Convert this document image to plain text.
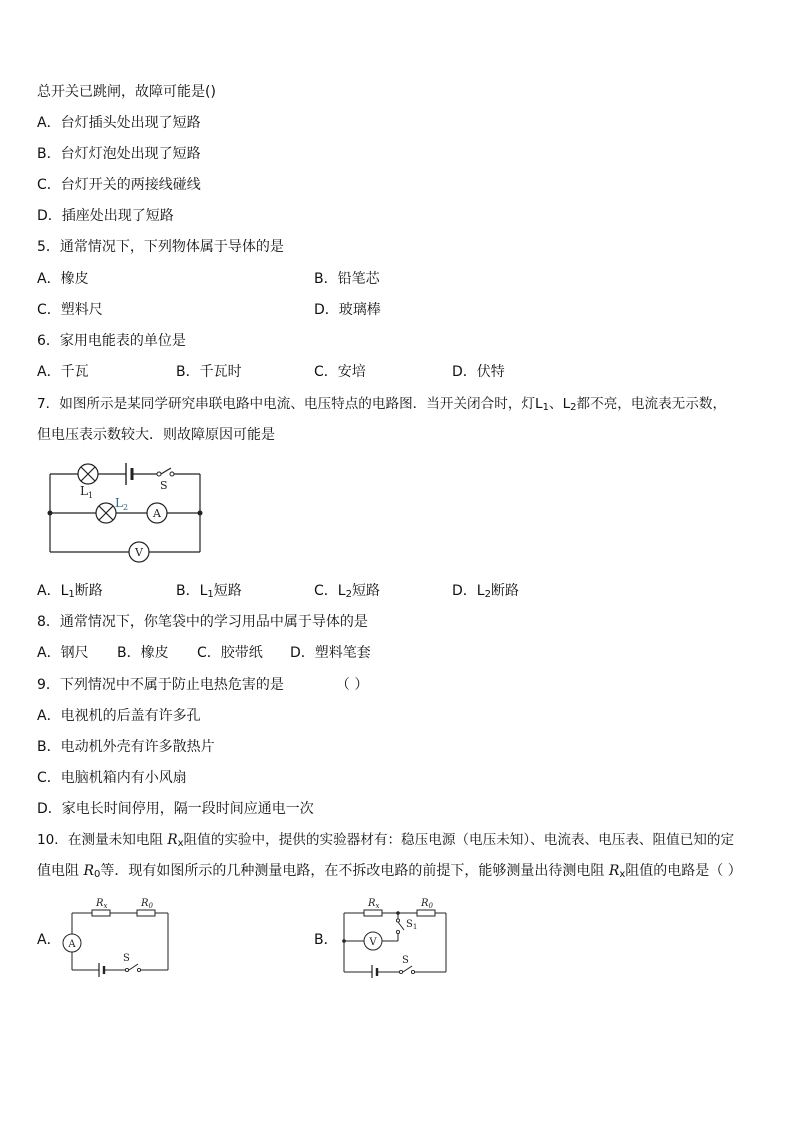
总开关已跳闸，故障可能是()
A．台灯插头处出现了短路
B．台灯灯泡处出现了短路
C．台灯开关的两接线碰线
D．插座处出现了短路
5．通常情况下，下列物体属于导体的是
A．橡皮	B．铅笔芯
C．塑料尺	D．玻璃棒
6．家用电能表的单位是
A．千瓦	B．千瓦时	C．安培	D．伏特
7．如图所示是某同学研究串联电路中电流、电压特点的电路图．当开关闭合时，灯$L_1$、$L_2$都不亮，电流表无示数，
但电压表示数较大．则故障原因可能是
A
V
$L_1$
$L_2$
S
A．$L_1$断路	B．$L_1$短路	C．$L_2$短路	D．$L_2$断路
8．通常情况下，你笔袋中的学习用品中属于导体的是
A．钢尺 B．橡皮 C．胶带纸 D．塑料笔套
9．下列情况中不属于防止电热危害的是	（ ）
A．电视机的后盖有许多孔
B．电动机外壳有许多散热片
C．电脑机箱内有小风扇
D．家电长时间停用，隔一段时间应通电一次
10．在测量未知电阻 $R_x$阻值的实验中，提供的实验器材有：稳压电源（电压未知）、电流表、电压表、阻值已知的定
值电阻 $R_0$等．现有如图所示的几种测量电路，在不拆改电路的前提下，能够测量出待测电阻 $R_x$阻值的电路是（ ）
A． A
$R_x$	$R_0$
S
B．	V
$R_x$	$R_0$
$S_1$
S
